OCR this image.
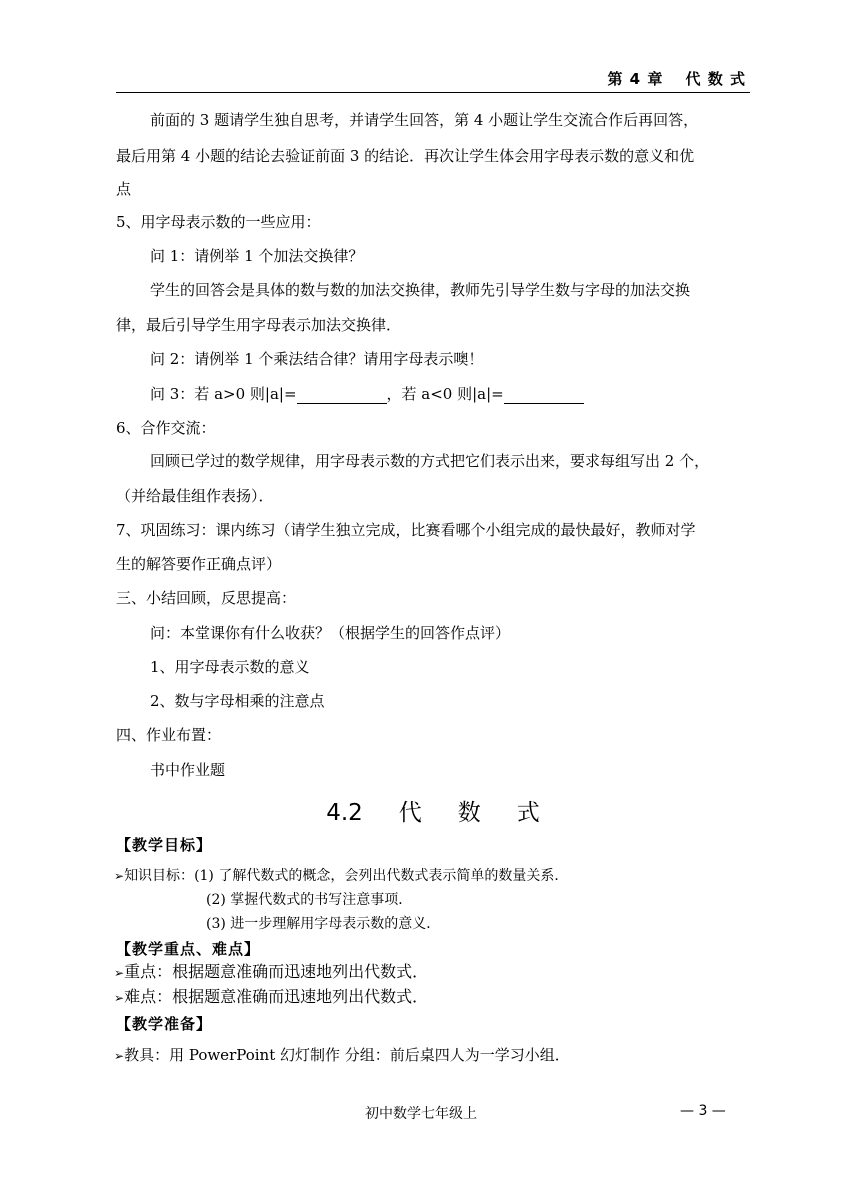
第 4 章　 代 数 式
前面的 3 题请学生独自思考，并请学生回答，第 4 小题让学生交流合作后再回答，
最后用第 4 小题的结论去验证前面 3 的结论．再次让学生体会用字母表示数的意义和优
点
5、用字母表示数的一些应用：
问 1：请例举 1 个加法交换律？
学生的回答会是具体的数与数的加法交换律，教师先引导学生数与字母的加法交换
律，最后引导学生用字母表示加法交换律．
问 2：请例举 1 个乘法结合律？请用字母表示噢！
问 3：若 a>0 则|a|=	，若 a<0 则|a|=
6、合作交流：
回顾已学过的数学规律，用字母表示数的方式把它们表示出来，要求每组写出 2 个，
（并给最佳组作表扬）．
7、巩固练习：课内练习（请学生独立完成，比赛看哪个小组完成的最快最好，教师对学
生的解答要作正确点评）
三、小结回顾，反思提高：
问：本堂课你有什么收获？（根据学生的回答作点评）
1、用字母表示数的意义
2、数与字母相乘的注意点
四、作业布置：
书中作业题
4.2 代 数 式
【教学目标】
➢知识目标：(1) 了解代数式的概念，会列出代数式表示简单的数量关系．
(2) 掌握代数式的书写注意事项．
(3) 进一步理解用字母表示数的意义．
【教学重点、难点】
➢重点：根据题意准确而迅速地列出代数式．
➢难点：根据题意准确而迅速地列出代数式．
【教学准备】
➢教具：用 PowerPoint 幻灯制作 分组：前后桌四人为一学习小组．
初中数学七年级上	— 3 —
